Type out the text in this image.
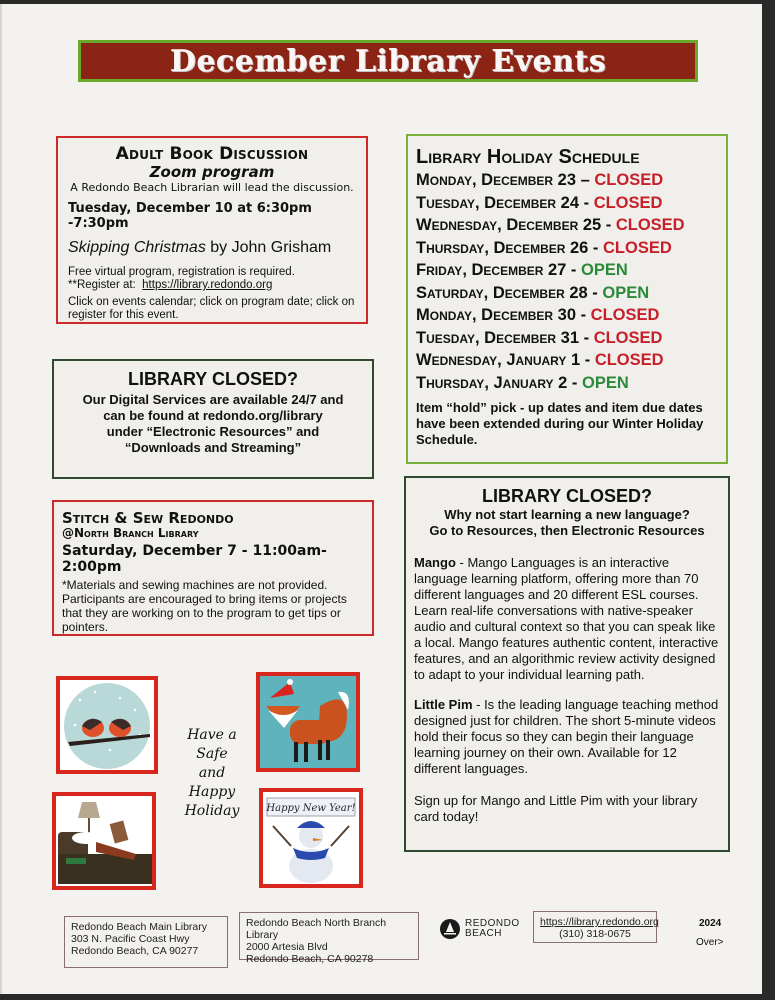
December Library Events
Adult Book Discussion
Zoom program
A Redondo Beach Librarian will lead the discussion.
Tuesday, December 10 at 6:30pm -7:30pm
Skipping Christmas by John Grisham
Free virtual program, registration is required.
**Register at:  https://library.redondo.org
Click on events calendar; click on program date; click on register for this event.
LIBRARY CLOSED?
Our Digital Services are available 24/7 and
can be found at redondo.org/library
under “Electronic Resources” and
“Downloads and Streaming”
Stitch & Sew Redondo
@North Branch Library
Saturday, December 7 - 11:00am-2:00pm
*Materials and sewing machines are not provided. Participants are encouraged to bring items or projects that they are working on to the program to get tips or pointers.
Library Holiday Schedule
Monday, December 23 – CLOSED
Tuesday, December 24 - CLOSED
Wednesday, December 25 - CLOSED
Thursday, December 26 - CLOSED
Friday, December 27 - OPEN
Saturday, December 28 - OPEN
Monday, December 30 - CLOSED
Tuesday, December 31 - CLOSED
Wednesday, January 1 - CLOSED
Thursday, January 2 - OPEN
Item “hold” pick - up dates and item due dates have been extended during our Winter Holiday Schedule.
LIBRARY CLOSED?
Why not start learning a new language?
Go to Resources, then Electronic Resources
Mango - Mango Languages is an interactive language learning platform, offering more than 70 different languages and 20 different ESL courses. Learn real-life conversations with native-speaker audio and cultural context so that you can speak like a local. Mango features authentic content, interactive features, and an algorithmic review activity designed to adapt to your individual learning path.
Little Pim - Is the leading language teaching method    designed just for children. The short 5-minute videos hold their focus so they can begin their language learning journey on their own. Available for 12 different languages.
Sign up for Mango and Little Pim with your library card today!
Have a
Safe
and
Happy
Holiday	Happy New Year!
Redondo Beach Main Library
303 N. Pacific Coast Hwy
Redondo Beach, CA 90277
Redondo Beach North Branch Library
2000 Artesia Blvd
Redondo Beach, CA 90278
REDONDO
BEACH
https://library.redondo.org
(310) 318-0675
2024
Over>
